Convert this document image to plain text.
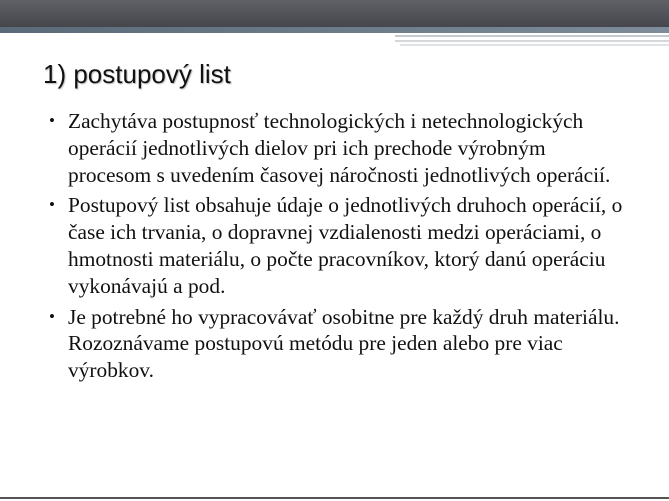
1) postupový list
• Zachytáva postupnosť technologických i netechnologických operácií jednotlivých dielov pri ich prechode výrobným procesom s uvedením časovej náročnosti jednotlivých operácií.
• Postupový list obsahuje údaje o jednotlivých druhoch operácií, o čase ich trvania, o dopravnej vzdialenosti medzi operáciami, o hmotnosti materiálu, o počte pracovníkov, ktorý danú operáciu vykonávajú a pod.
• Je potrebné ho vypracovávať osobitne pre každý druh materiálu. Rozoznávame postupovú metódu pre jeden alebo pre viac výrobkov.
